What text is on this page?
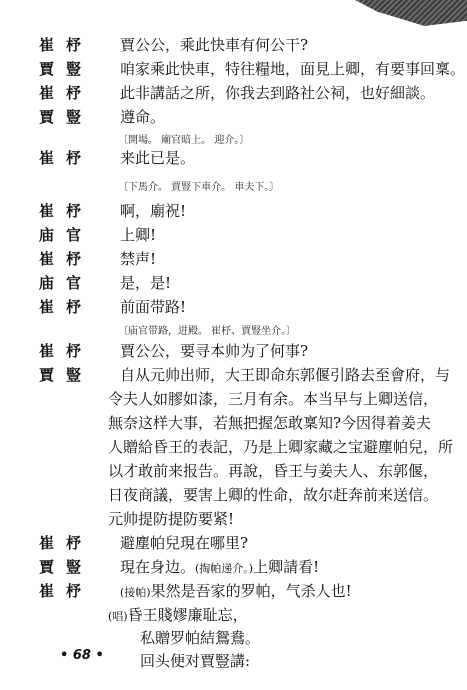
崔杼	賈公公，乘此快車有何公干?
賈豎	咱家乘此快車，特往糧地，面見上卿，有要事回稟。
崔杼	此非講話之所，你我去到路社公祠，也好細談。
賈豎	遵命。
〔開場。 廟官暗上。 迎介。〕
崔杼	来此已是。
〔下馬介。 賈豎下車介。 車夫下。〕
崔杼	啊，廟祝!
庙官	上卿!
崔杼	禁声!
庙官	是，是!
崔杼	前面带路!
〔庙官带路，进殿。 崔杼、賈豎坐介。〕
崔杼	賈公公，要寻本帅为了何事?
賈豎	自从元帅出师，大王即命东郭偃引路去至會府，与
令夫人如膠如漆，三月有余。本当早与上卿送信，
無奈这样大事，若無把握怎敢稟知?今因得着姜夫
人贈給昏王的表記，乃是上卿家藏之宝避塵帕兒，所
以才敢前来报告。再說，昏王与姜夫人、东郭偃，
日夜商議，要害上卿的性命，故尔赶奔前来送信。
元帅提防提防要紧!
崔杼	避塵帕兒現在哪里?
賈豎	現在身边。(掏帕递介。)上卿請看!
崔杼	(接帕)果然是吾家的罗帕，气杀人也!
(唱)昏王賤嫪廉耻忘，
私贈罗帕結鴛鴦。
回头便对賈豎講:
• 68 •
